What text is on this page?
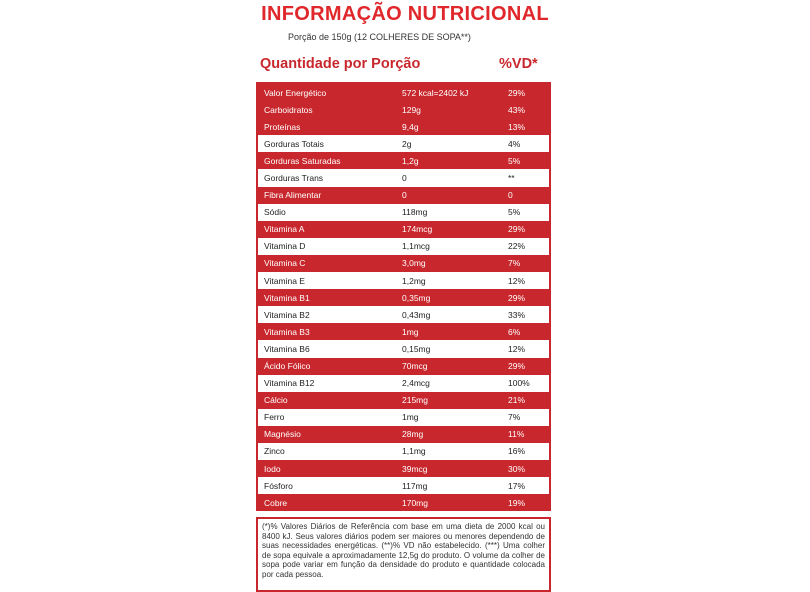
INFORMAÇÃO NUTRICIONAL
Porção de 150g (12 COLHERES DE SOPA**)
Quantidade por Porção	%VD*
Valor Energético	572 kcal=2402 kJ	29%
Carboidratos	129g	43%
Proteínas	9,4g	13%
Gorduras Totais	2g	4%
Gorduras Saturadas	1,2g	5%
Gorduras Trans	0	**
Fibra Alimentar	0	0
Sódio	118mg	5%
Vitamina A	174mcg	29%
Vitamina D	1,1mcg	22%
Vitamina C	3,0mg	7%
Vitamina E	1,2mg	12%
Vitamina B1	0,35mg	29%
Vitamina B2	0,43mg	33%
Vitamina B3	1mg	6%
Vitamina B6	0,15mg	12%
Ácido Fólico	70mcg	29%
Vitamina B12	2,4mcg	100%
Cálcio	215mg	21%
Ferro	1mg	7%
Magnésio	28mg	11%
Zinco	1,1mg	16%
Iodo	39mcg	30%
Fósforo	117mg	17%
Cobre	170mg	19%
(*)% Valores Diários de Referência com base em uma dieta de 2000 kcal ou 8400 kJ. Seus valores diários podem ser maiores ou menores dependendo de suas necessidades energéticas. (**)% VD não estabelecido. (***) Uma colher de sopa equivale a aproximadamente 12,5g do produto. O volume da colher de sopa pode variar em função da densidade do produto e quantidade colocada por cada pessoa.
